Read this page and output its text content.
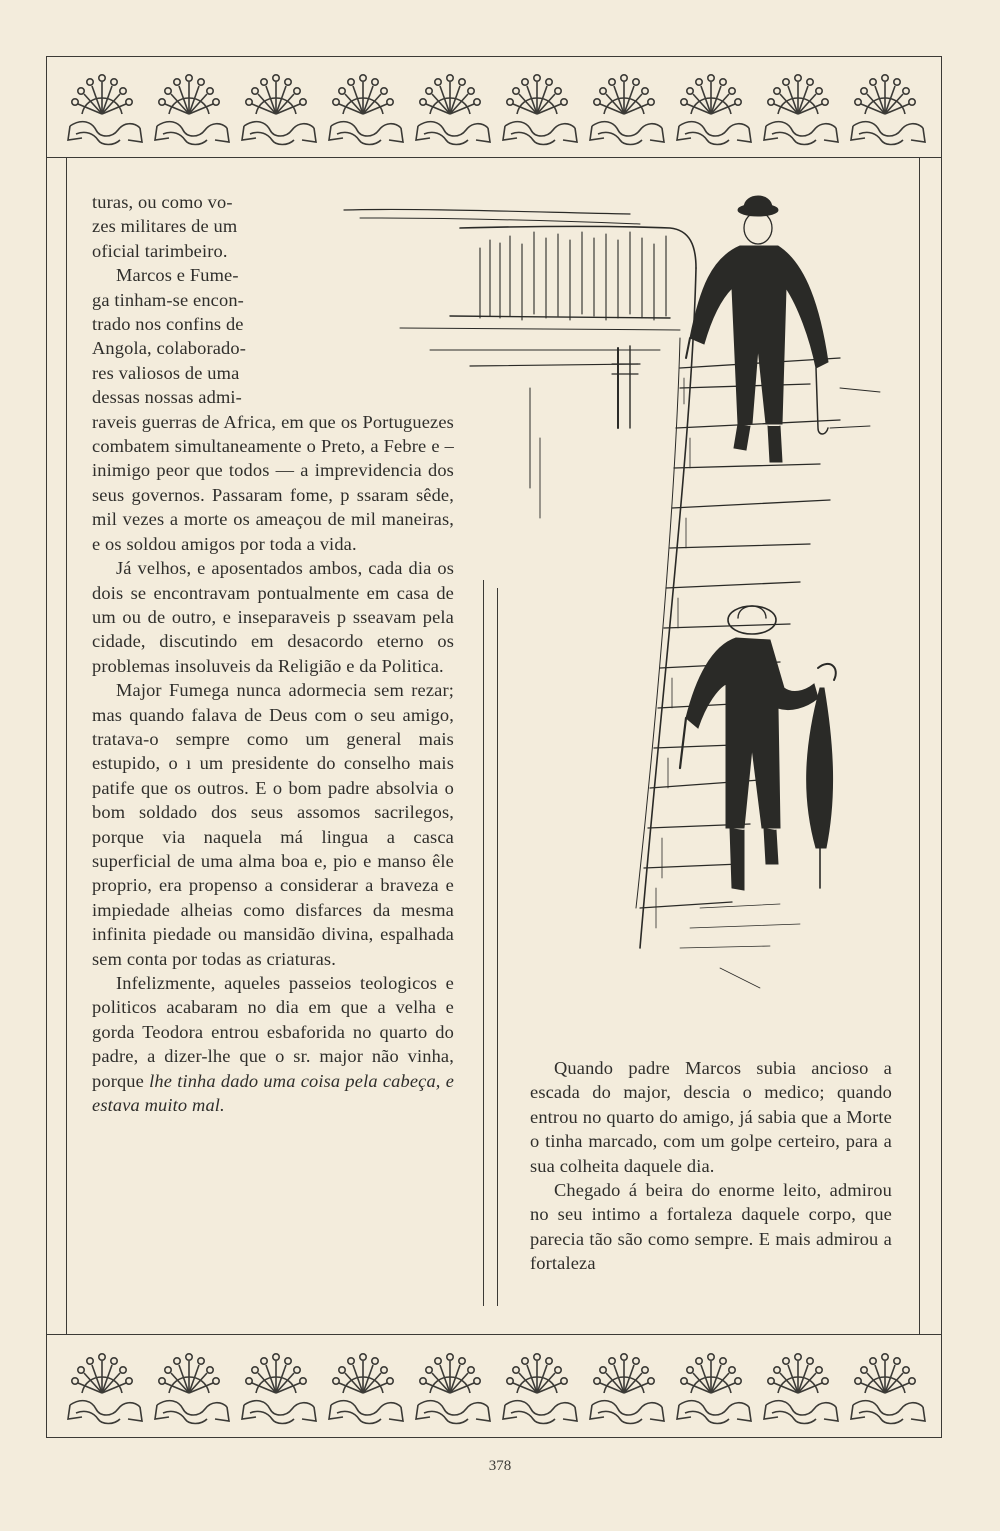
turas, ou como vo-
zes militares de um
oficial tarimbeiro.

Marcos e Fume-
ga tinham-se encon-
trado nos confins de
Angola, colaborado-
res valiosos de uma
dessas nossas admi-

raveis guerras de Africa, em que os Portuguezes combatem simultaneamente o Preto, a Febre e – inimigo peor que todos — a imprevidencia dos seus governos. Passaram fome, p ssaram sêde, mil vezes a morte os ameaçou de mil maneiras, e os soldou amigos por toda a vida.

Já velhos, e aposentados ambos, cada dia os dois se encontravam pontualmente em casa de um ou de outro, e inseparaveis p sseavam pela cidade, discutindo em desacordo eterno os problemas insoluveis da Religião e da Politica.

Major Fumega nunca adormecia sem rezar; mas quando falava de Deus com o seu amigo, tratava-o sempre como um general mais estupido, o ı um presidente do conselho mais patife que os outros. E o bom padre absolvia o bom soldado dos seus assomos sacrilegos, porque via naquela má lingua a casca superficial de uma alma boa e, pio e manso êle proprio, era propenso a considerar a braveza e impiedade alheias como disfarces da mesma infinita piedade ou mansidão divina, espalhada sem conta por todas as criaturas.

Infelizmente, aqueles passeios teologicos e politicos acabaram no dia em que a velha e gorda Teodora entrou esbaforida no quarto do padre, a dizer-lhe que o sr. major não vinha, porque lhe tinha dado uma coisa pela cabeça, e estava muito mal.

Quando padre Marcos subia ancioso a escada do major, descia o medico; quando entrou no quarto do amigo, já sabia que a Morte o tinha marcado, com um golpe certeiro, para a sua colheita daquele dia.

Chegado á beira do enorme leito, admirou no seu intimo a fortaleza daquele corpo, que parecia tão são como sempre. E mais admirou a fortaleza

378
